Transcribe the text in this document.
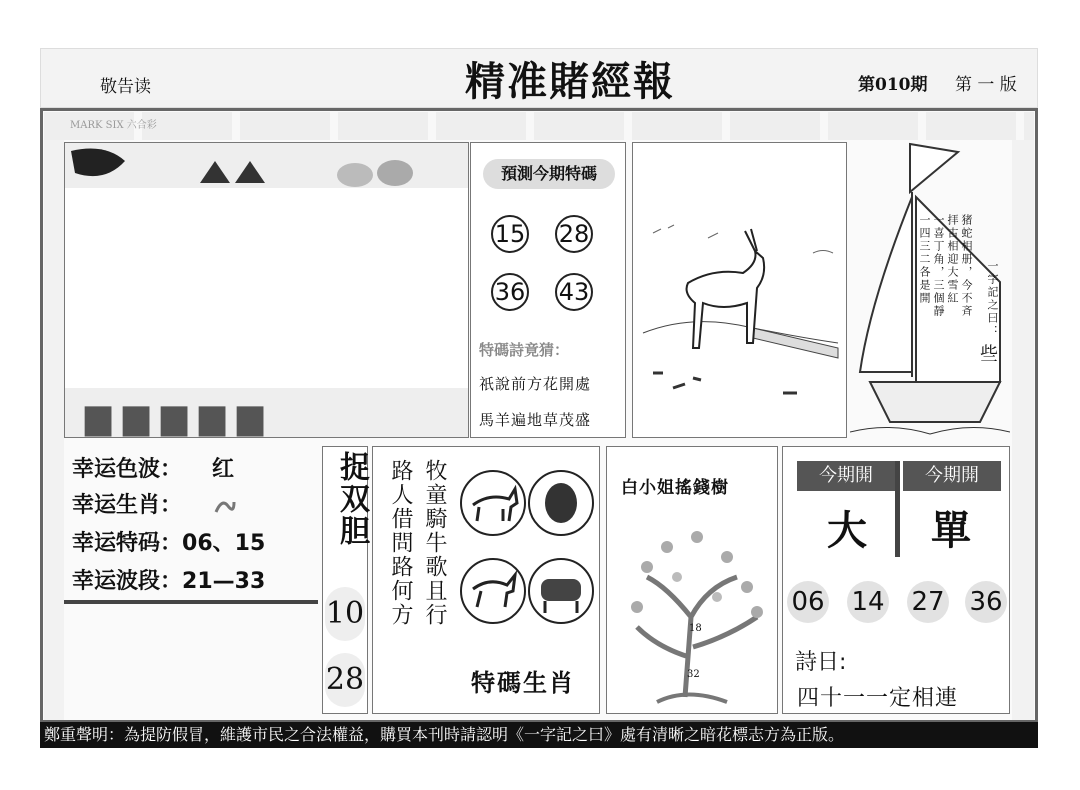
敬告读	精准賭經報	第010期 第 一 版
MARK SIX 六合彩
▆ ▆ ▆ ▆ ▆
預測今期特碼
15 28
36 43
特碼詩竟猜：
祇說前方花開處
馬羊遍地草茂盛
猪蛇相册，今不斉
拝古相迎大雪紅
一喜丁角，三個靜
一四三二各是開	一字記之曰：
些
幸运色波： 红
幸运生肖：
幸运特码：06、15
幸运波段：21—33
捉双胆
10
28
牧童騎牛歌且行
路人借問路何方
特碼生肖
白小姐搖錢樹
18
32
今期開	今期開
大 單
06 14 27 36
詩日:
四十一一定相連
鄭重聲明：為提防假冒，維護市民之合法權益，購買本刊時請認明《一字記之曰》處有清晰之暗花標志方為正版。
